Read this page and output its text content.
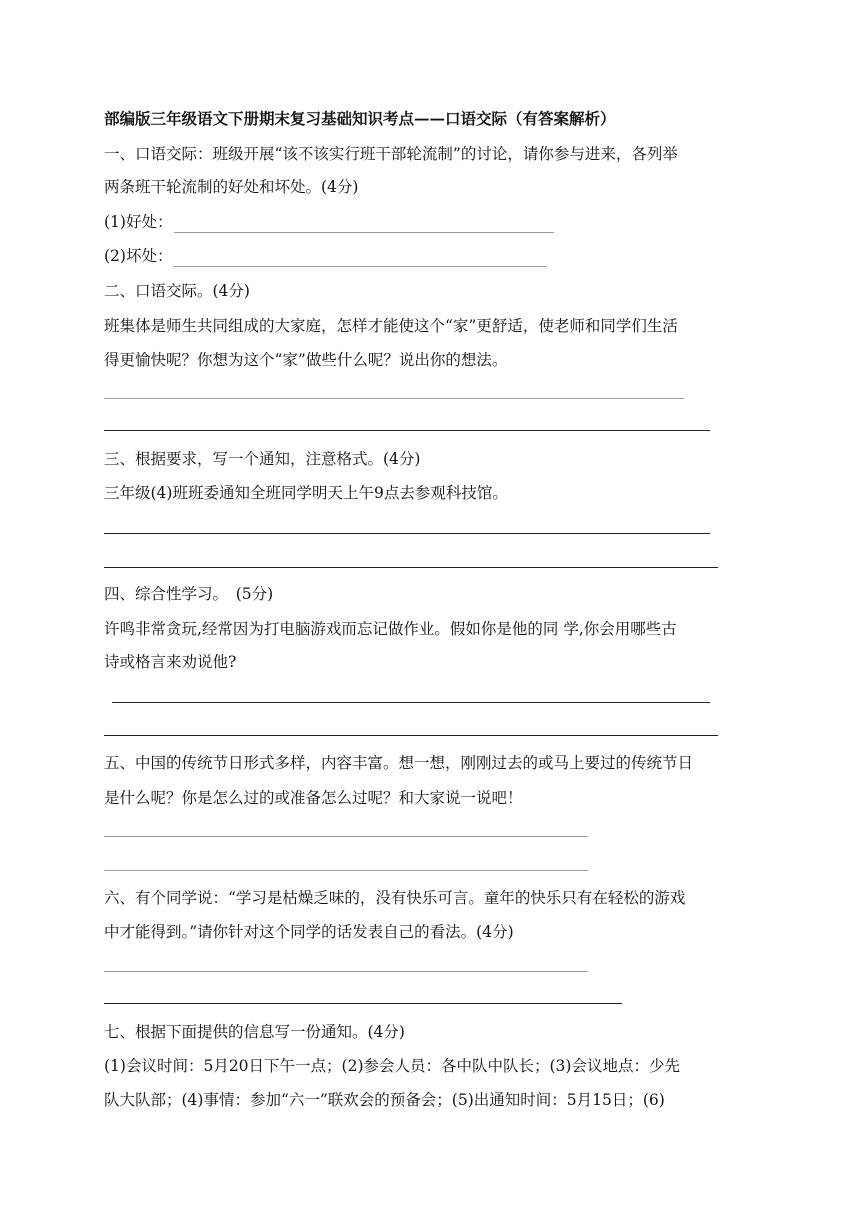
部编版三年级语文下册期末复习基础知识考点——口语交际（有答案解析）
一、口语交际：班级开展“该不该实行班干部轮流制”的讨论，请你参与进来，各列举
两条班干轮流制的好处和坏处。(4分)
(1)好处：
(2)坏处：
二、口语交际。(4分)
班集体是师生共同组成的大家庭，怎样才能使这个“家”更舒适，使老师和同学们生活
得更愉快呢？你想为这个“家”做些什么呢？说出你的想法。
三、根据要求，写一个通知，注意格式。(4分)
三年级(4)班班委通知全班同学明天上午9点去参观科技馆。
四、综合性学习。　(5分)
许鸣非常贪玩,经常因为打电脑游戏而忘记做作业。假如你是他的同 学,你会用哪些古
诗或格言来劝说他?
五、中国的传统节日形式多样，内容丰富。想一想，刚刚过去的或马上要过的传统节日
是什么呢？你是怎么过的或准备怎么过呢？和大家说一说吧！
六、有个同学说：“学习是枯燥乏味的，没有快乐可言。童年的快乐只有在轻松的游戏
中才能得到。”请你针对这个同学的话发表自己的看法。(4分)
七、根据下面提供的信息写一份通知。(4分)
(1)会议时间：5月20日下午一点；(2)参会人员：各中队中队长；(3)会议地点：少先
队大队部；(4)事情：参加“六一”联欢会的预备会；(5)出通知时间：5月15日；(6)
